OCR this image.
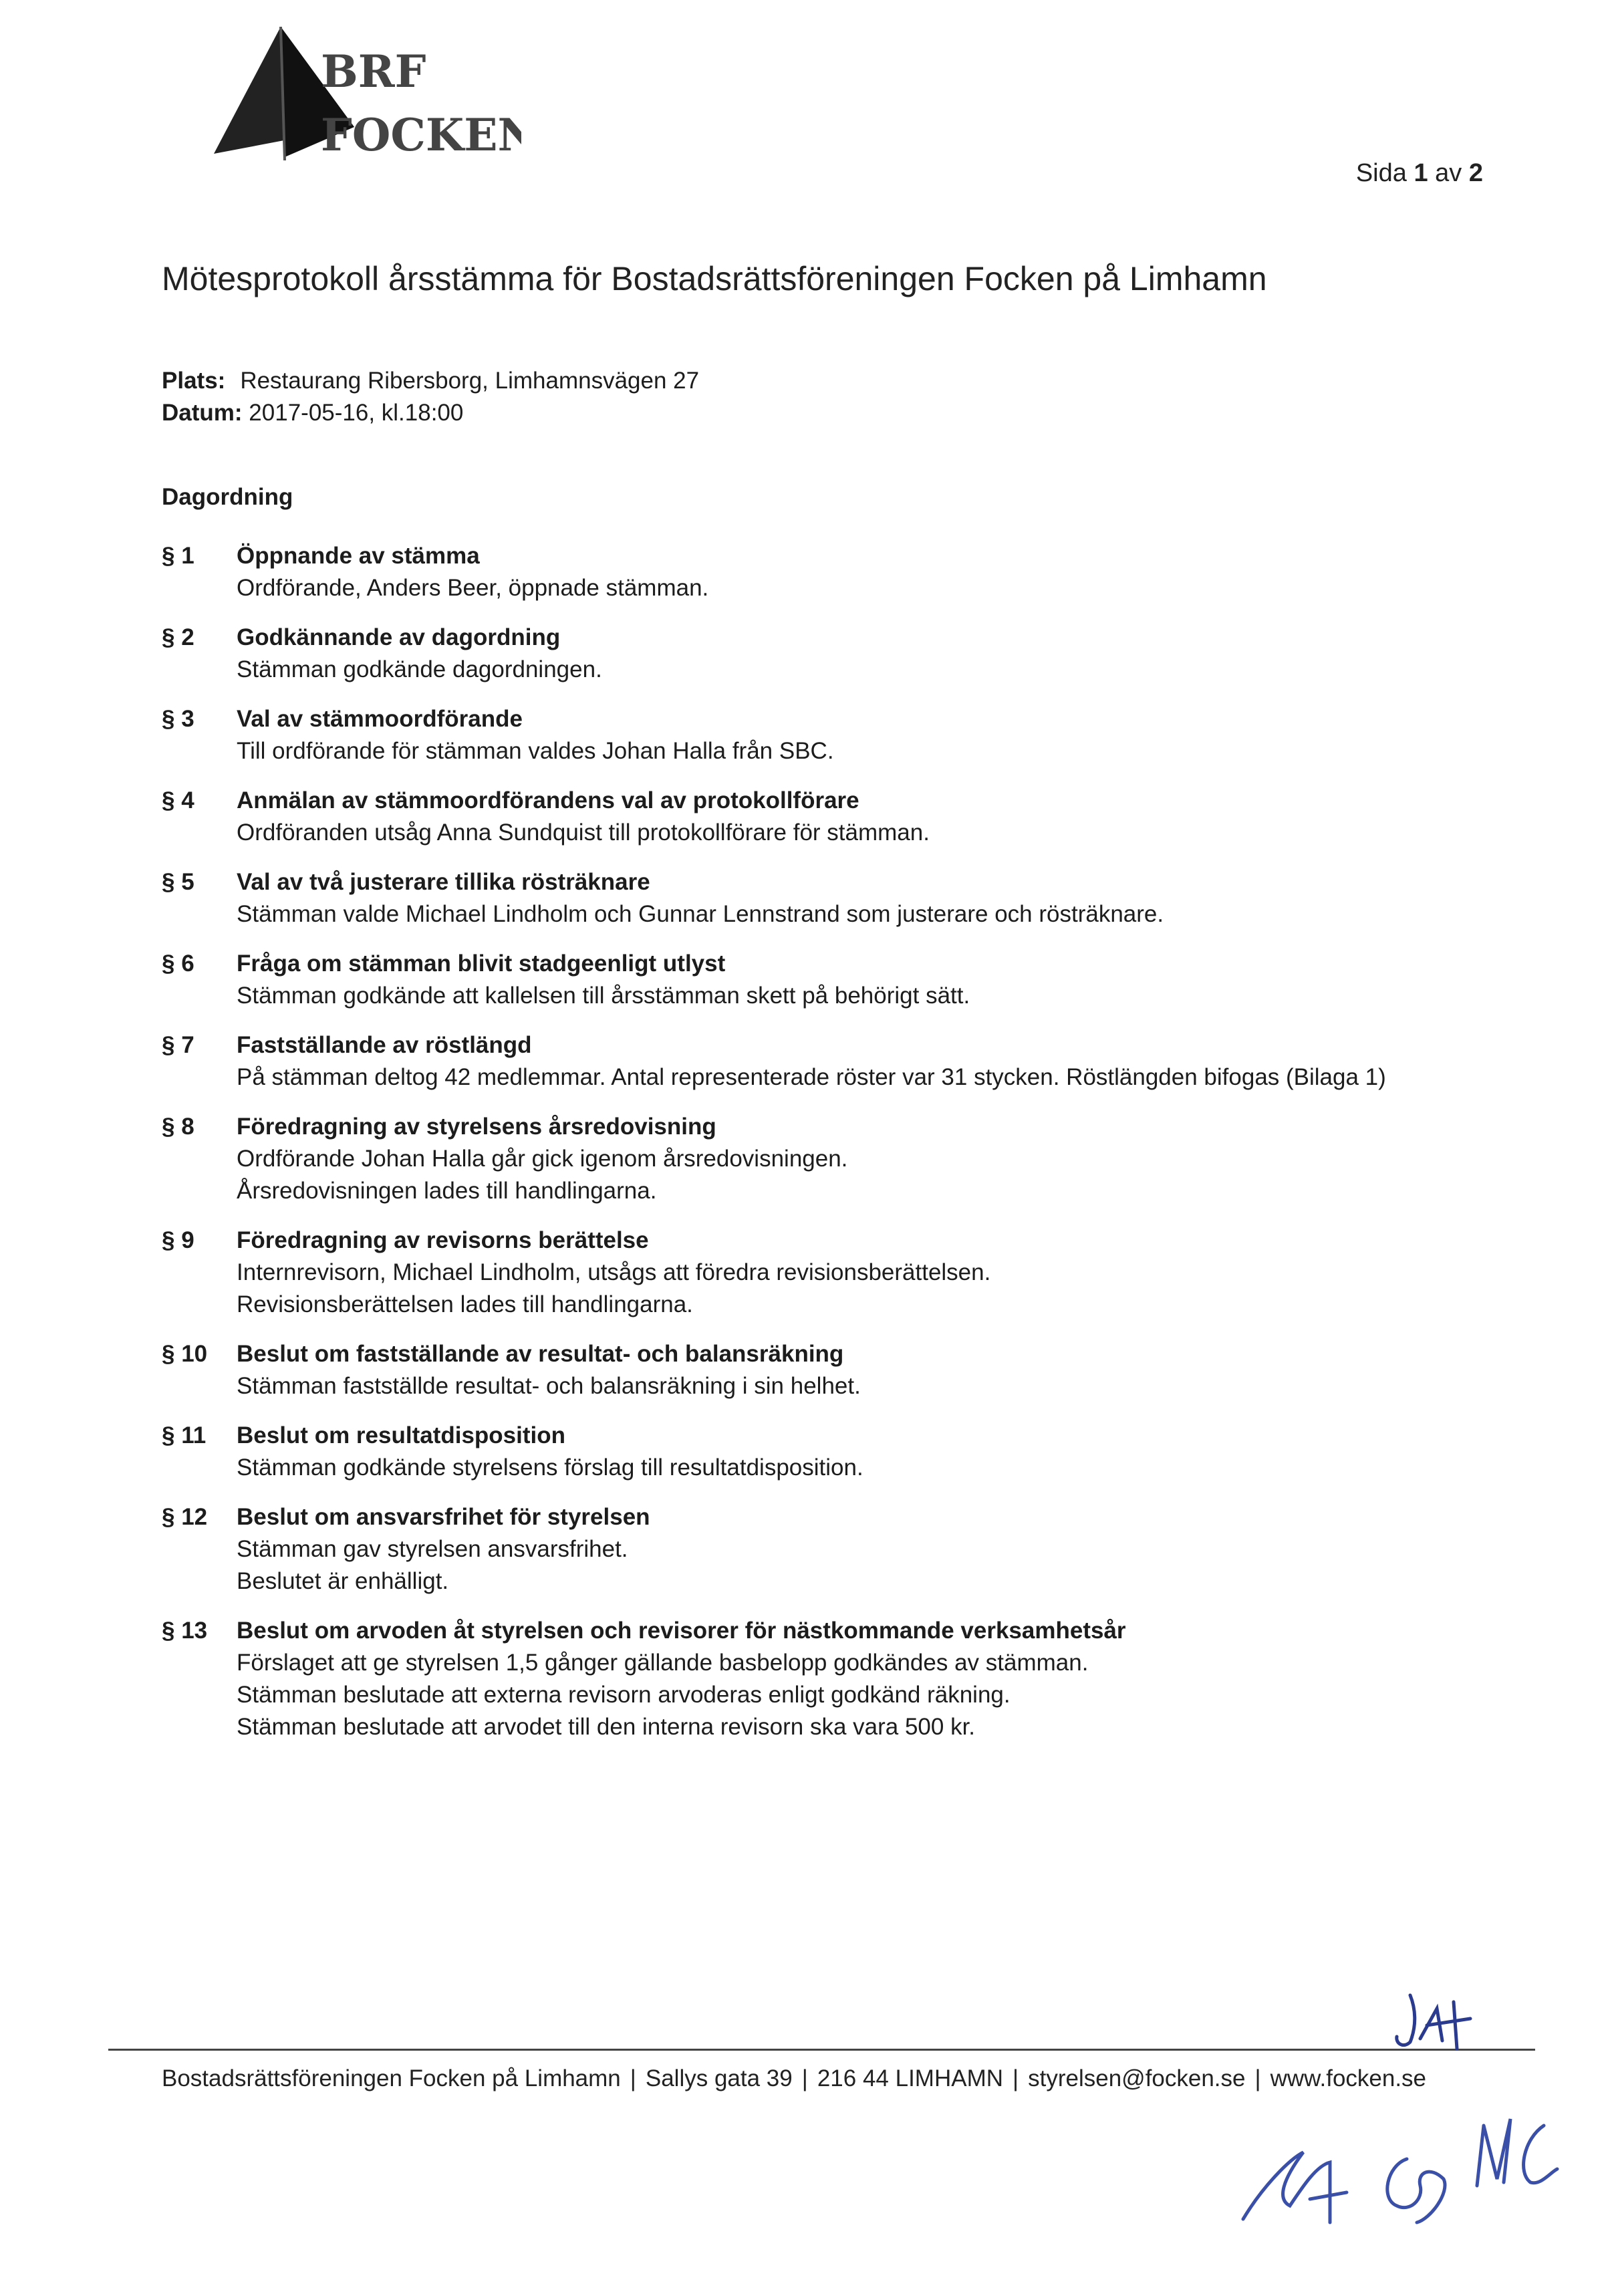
BRF
FOCKEN
Sida 1 av 2
Mötesprotokoll årsstämma för Bostadsrättsföreningen Focken på Limhamn
Plats: Restaurang Ribersborg, Limhamnsvägen 27
Datum: 2017-05-16, kl.18:00
Dagordning
§ 1	Öppnande av stämma
Ordförande, Anders Beer, öppnade stämman.
§ 2	Godkännande av dagordning
Stämman godkände dagordningen.
§ 3	Val av stämmoordförande
Till ordförande för stämman valdes Johan Halla från SBC.
§ 4	Anmälan av stämmoordförandens val av protokollförare
Ordföranden utsåg Anna Sundquist till protokollförare för stämman.
§ 5	Val av två justerare tillika rösträknare
Stämman valde Michael Lindholm och Gunnar Lennstrand som justerare och rösträknare.
§ 6	Fråga om stämman blivit stadgeenligt utlyst
Stämman godkände att kallelsen till årsstämman skett på behörigt sätt.
§ 7	Fastställande av röstlängd
På stämman deltog 42 medlemmar. Antal representerade röster var 31 stycken. Röstlängden bifogas (Bilaga 1)
§ 8	Föredragning av styrelsens årsredovisning
Ordförande Johan Halla går gick igenom årsredovisningen.
Årsredovisningen lades till handlingarna.
§ 9	Föredragning av revisorns berättelse
Internrevisorn, Michael Lindholm, utsågs att föredra revisionsberättelsen.
Revisionsberättelsen lades till handlingarna.
§ 10	Beslut om fastställande av resultat- och balansräkning
Stämman fastställde resultat- och balansräkning i sin helhet.
§ 11	Beslut om resultatdisposition
Stämman godkände styrelsens förslag till resultatdisposition.
§ 12	Beslut om ansvarsfrihet för styrelsen
Stämman gav styrelsen ansvarsfrihet.
Beslutet är enhälligt.
§ 13	Beslut om arvoden åt styrelsen och revisorer för nästkommande verksamhetsår
Förslaget att ge styrelsen 1,5 gånger gällande basbelopp godkändes av stämman.
Stämman beslutade att externa revisorn arvoderas enligt godkänd räkning.
Stämman beslutade att arvodet till den interna revisorn ska vara 500 kr.
Bostadsrättsföreningen Focken på Limhamn | Sallys gata 39 | 216 44 LIMHAMN | styrelsen@focken.se | www.focken.se
